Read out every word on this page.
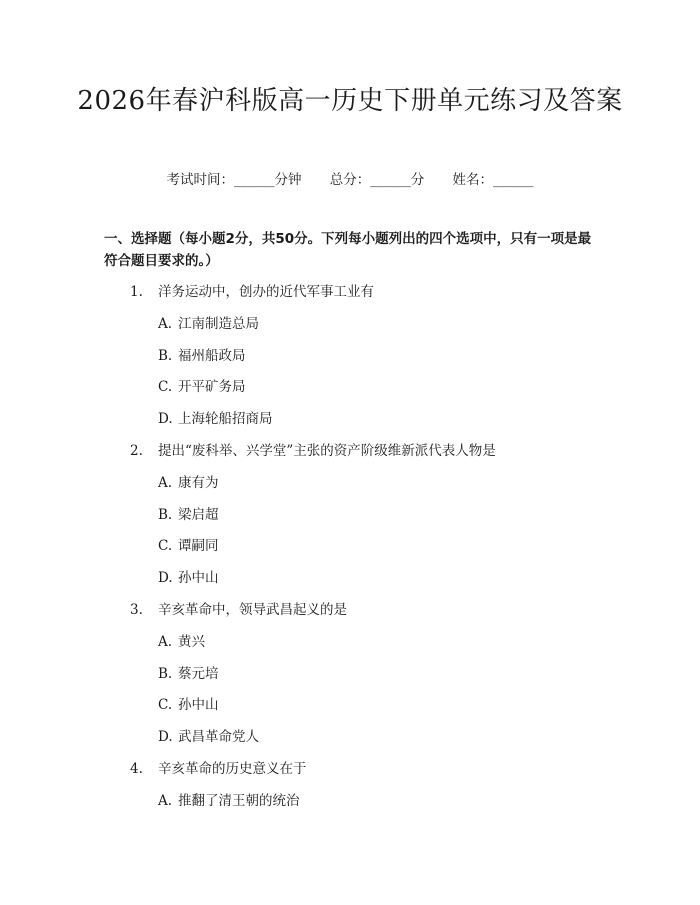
2026年春沪科版高一历史下册单元练习及答案
考试时间：______分钟 总分：______分 姓名：______

一、选择题（每小题2分，共50分。下列每小题列出的四个选项中，只有一项是最符合题目要求的。）

1. 洋务运动中，创办的近代军事工业有
A. 江南制造总局
B. 福州船政局
C. 开平矿务局
D. 上海轮船招商局
2. 提出“废科举、兴学堂”主张的资产阶级维新派代表人物是
A. 康有为
B. 梁启超
C. 谭嗣同
D. 孙中山
3. 辛亥革命中，领导武昌起义的是
A. 黄兴
B. 蔡元培
C. 孙中山
D. 武昌革命党人
4. 辛亥革命的历史意义在于
A. 推翻了清王朝的统治
